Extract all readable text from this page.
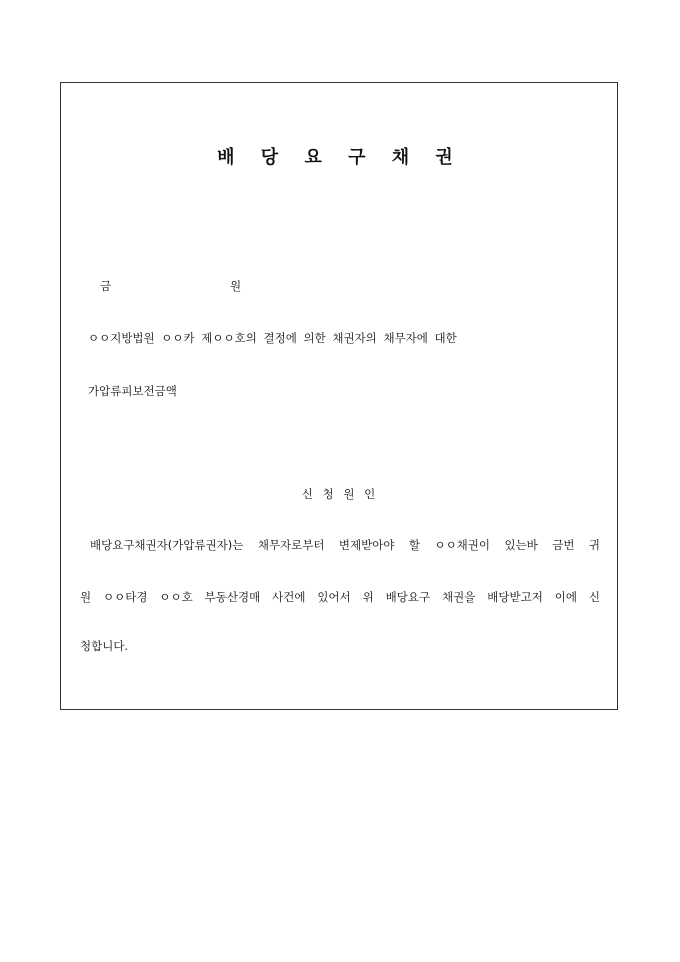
배 당 요 구 채 권
금	원
ㅇㅇ지방법원 ㅇㅇ카 제ㅇㅇ호의 결정에 의한 채권자의 채무자에 대한
가압류피보전금액
신 청 원 인
배당요구채권자(가압류권자)는 채무자로부터 변제받아야 할 ㅇㅇ채권이 있는바 금번 귀
원 ㅇㅇ타경 ㅇㅇ호 부동산경매 사건에 있어서 위 배당요구 채권을 배당받고저 이에 신
청합니다.
